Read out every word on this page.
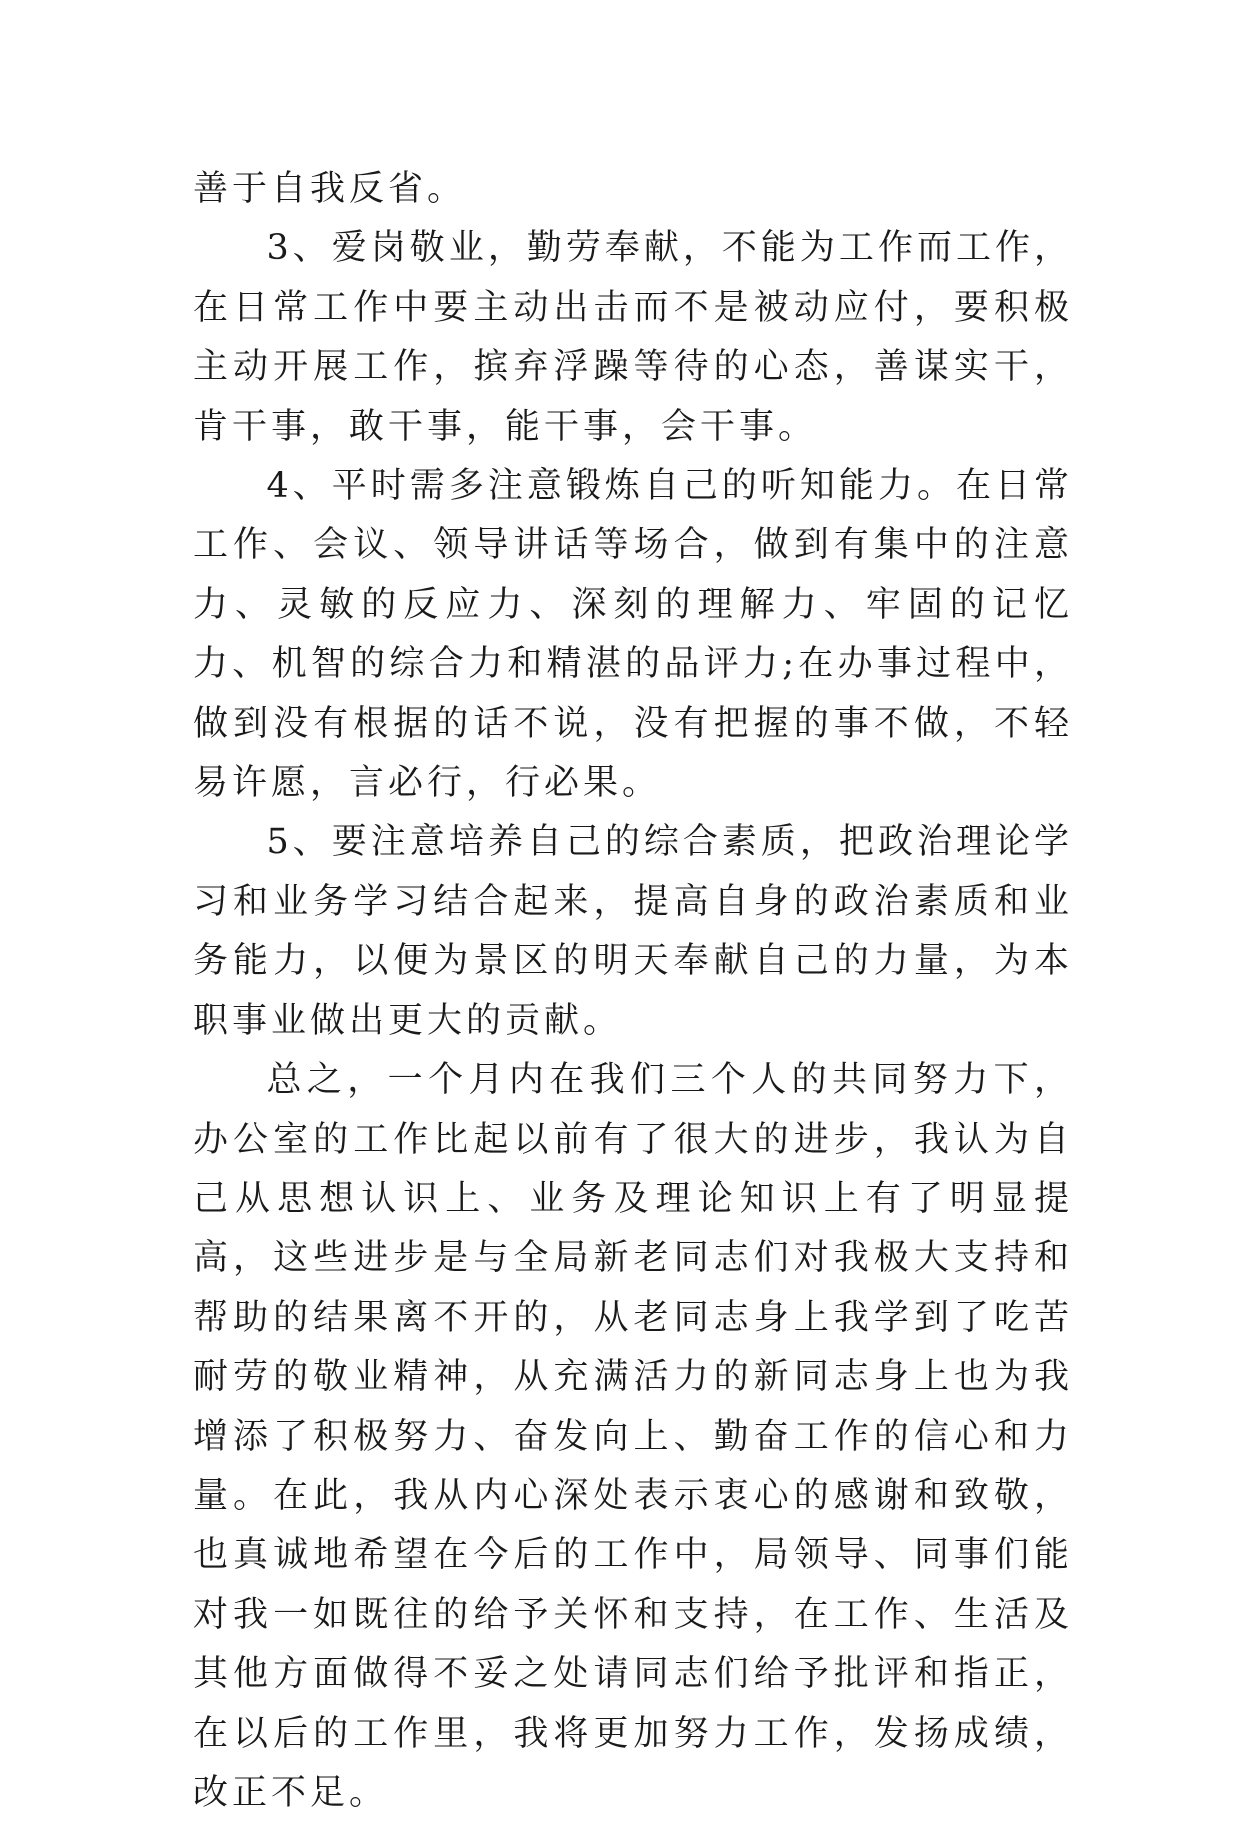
善于自我反省。

3、爱岗敬业，勤劳奉献，不能为工作而工作，在日常工作中要主动出击而不是被动应付，要积极主动开展工作，摈弃浮躁等待的心态，善谋实干，肯干事，敢干事，能干事，会干事。

4、平时需多注意锻炼自己的听知能力。在日常工作、会议、领导讲话等场合，做到有集中的注意力、灵敏的反应力、深刻的理解力、牢固的记忆力、机智的综合力和精湛的品评力;在办事过程中，做到没有根据的话不说，没有把握的事不做，不轻易许愿，言必行，行必果。

5、要注意培养自己的综合素质，把政治理论学习和业务学习结合起来，提高自身的政治素质和业务能力，以便为景区的明天奉献自己的力量，为本职事业做出更大的贡献。

总之，一个月内在我们三个人的共同努力下，办公室的工作比起以前有了很大的进步，我认为自己从思想认识上、业务及理论知识上有了明显提高，这些进步是与全局新老同志们对我极大支持和帮助的结果离不开的，从老同志身上我学到了吃苦耐劳的敬业精神，从充满活力的新同志身上也为我增添了积极努力、奋发向上、勤奋工作的信心和力量。在此，我从内心深处表示衷心的感谢和致敬，也真诚地希望在今后的工作中，局领导、同事们能对我一如既往的给予关怀和支持，在工作、生活及其他方面做得不妥之处请同志们给予批评和指正，在以后的工作里，我将更加努力工作，发扬成绩，改正不足。
